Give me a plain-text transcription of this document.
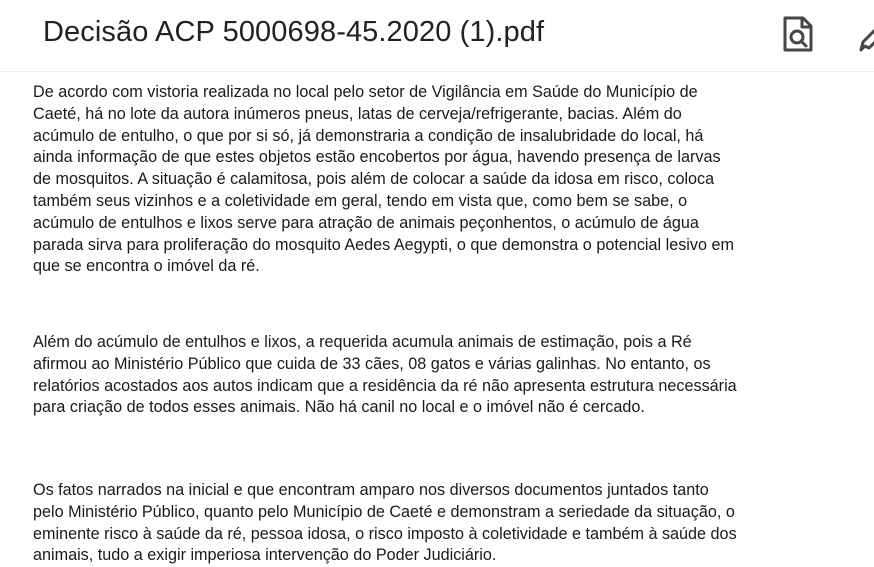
Decisão ACP 5000698-45.2020 (1).pdf

De acordo com vistoria realizada no local pelo setor de Vigilância em Saúde do Município de
Caeté, há no lote da autora inúmeros pneus, latas de cerveja/refrigerante, bacias. Além do
acúmulo de entulho, o que por si só, já demonstraria a condição de insalubridade do local, há
ainda informação de que estes objetos estão encobertos por água, havendo presença de larvas
de mosquitos. A situação é calamitosa, pois além de colocar a saúde da idosa em risco, coloca
também seus vizinhos e a coletividade em geral, tendo em vista que, como bem se sabe, o
acúmulo de entulhos e lixos serve para atração de animais peçonhentos, o acúmulo de água
parada sirva para proliferação do mosquito Aedes Aegypti, o que demonstra o potencial lesivo em
que se encontra o imóvel da ré.

Além do acúmulo de entulhos e lixos, a requerida acumula animais de estimação, pois a Ré
afirmou ao Ministério Público que cuida de 33 cães, 08 gatos e várias galinhas. No entanto, os
relatórios acostados aos autos indicam que a residência da ré não apresenta estrutura necessária
para criação de todos esses animais. Não há canil no local e o imóvel não é cercado.

Os fatos narrados na inicial e que encontram amparo nos diversos documentos juntados tanto
pelo Ministério Público, quanto pelo Município de Caeté e demonstram a seriedade da situação, o
eminente risco à saúde da ré, pessoa idosa, o risco imposto à coletividade e também à saúde dos
animais, tudo a exigir imperiosa intervenção do Poder Judiciário.
